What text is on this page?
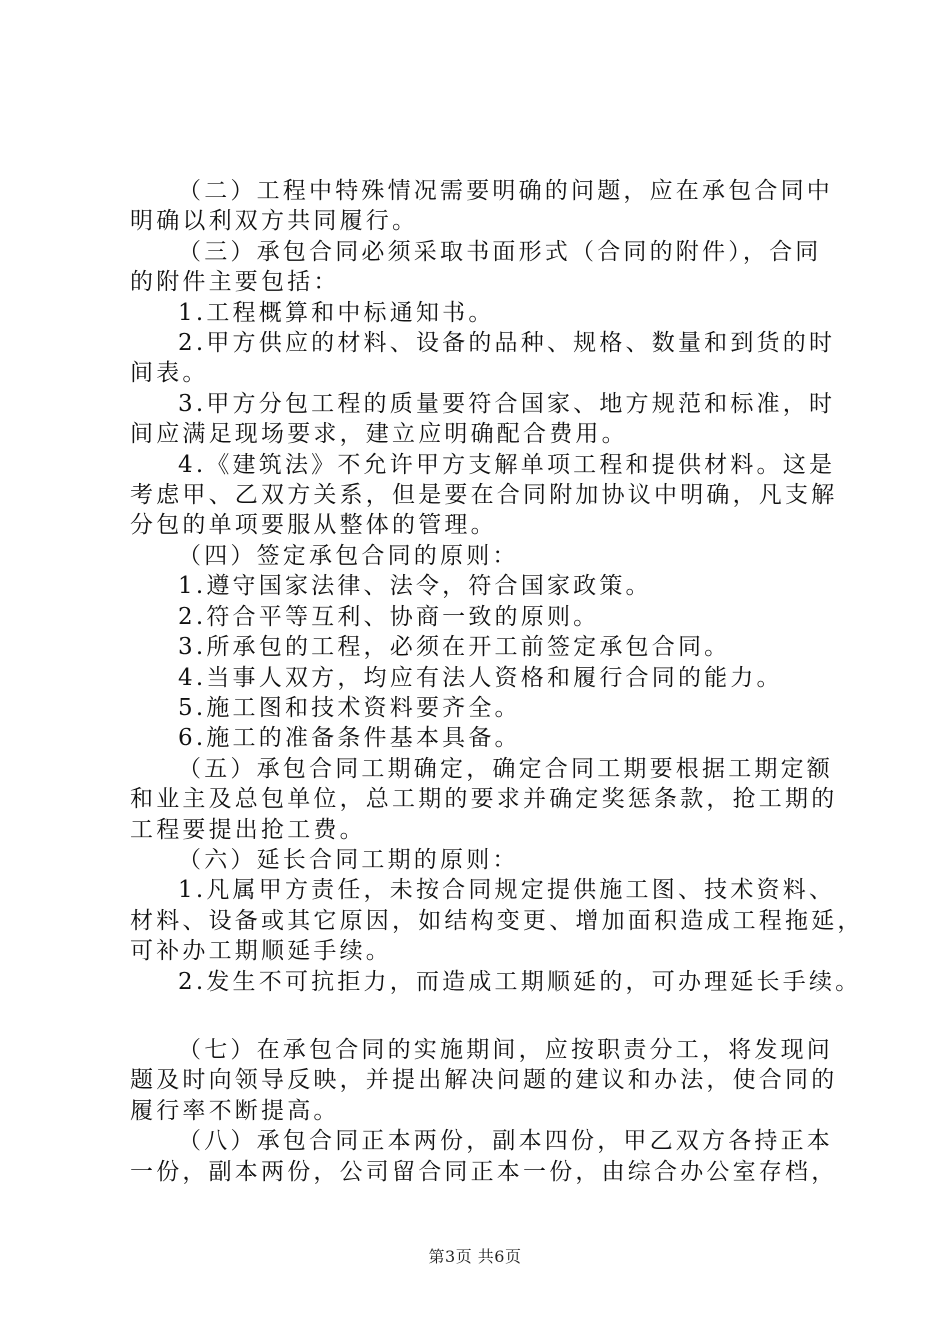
（二）工程中特殊情况需要明确的问题，应在承包合同中

明确以利双方共同履行。

（三）承包合同必须采取书面形式（合同的附件），合同

的附件主要包括：

1.工程概算和中标通知书。

2.甲方供应的材料、设备的品种、规格、数量和到货的时

间表。

3.甲方分包工程的质量要符合国家、地方规范和标准，时

间应满足现场要求，建立应明确配合费用。

4.《建筑法》不允许甲方支解单项工程和提供材料。这是

考虑甲、乙双方关系，但是要在合同附加协议中明确，凡支解

分包的单项要服从整体的管理。

（四）签定承包合同的原则：

1.遵守国家法律、法令，符合国家政策。

2.符合平等互利、协商一致的原则。

3.所承包的工程，必须在开工前签定承包合同。

4.当事人双方，均应有法人资格和履行合同的能力。

5.施工图和技术资料要齐全。

6.施工的准备条件基本具备。

（五）承包合同工期确定，确定合同工期要根据工期定额

和业主及总包单位，总工期的要求并确定奖惩条款，抢工期的

工程要提出抢工费。

（六）延长合同工期的原则：

1.凡属甲方责任，未按合同规定提供施工图、技术资料、

材料、设备或其它原因，如结构变更、增加面积造成工程拖延，

可补办工期顺延手续。

2.发生不可抗拒力，而造成工期顺延的，可办理延长手续。

（七）在承包合同的实施期间，应按职责分工，将发现问

题及时向领导反映，并提出解决问题的建议和办法，使合同的

履行率不断提高。

（八）承包合同正本两份，副本四份，甲乙双方各持正本

一份，副本两份，公司留合同正本一份，由综合办公室存档，

第3页 共6页
